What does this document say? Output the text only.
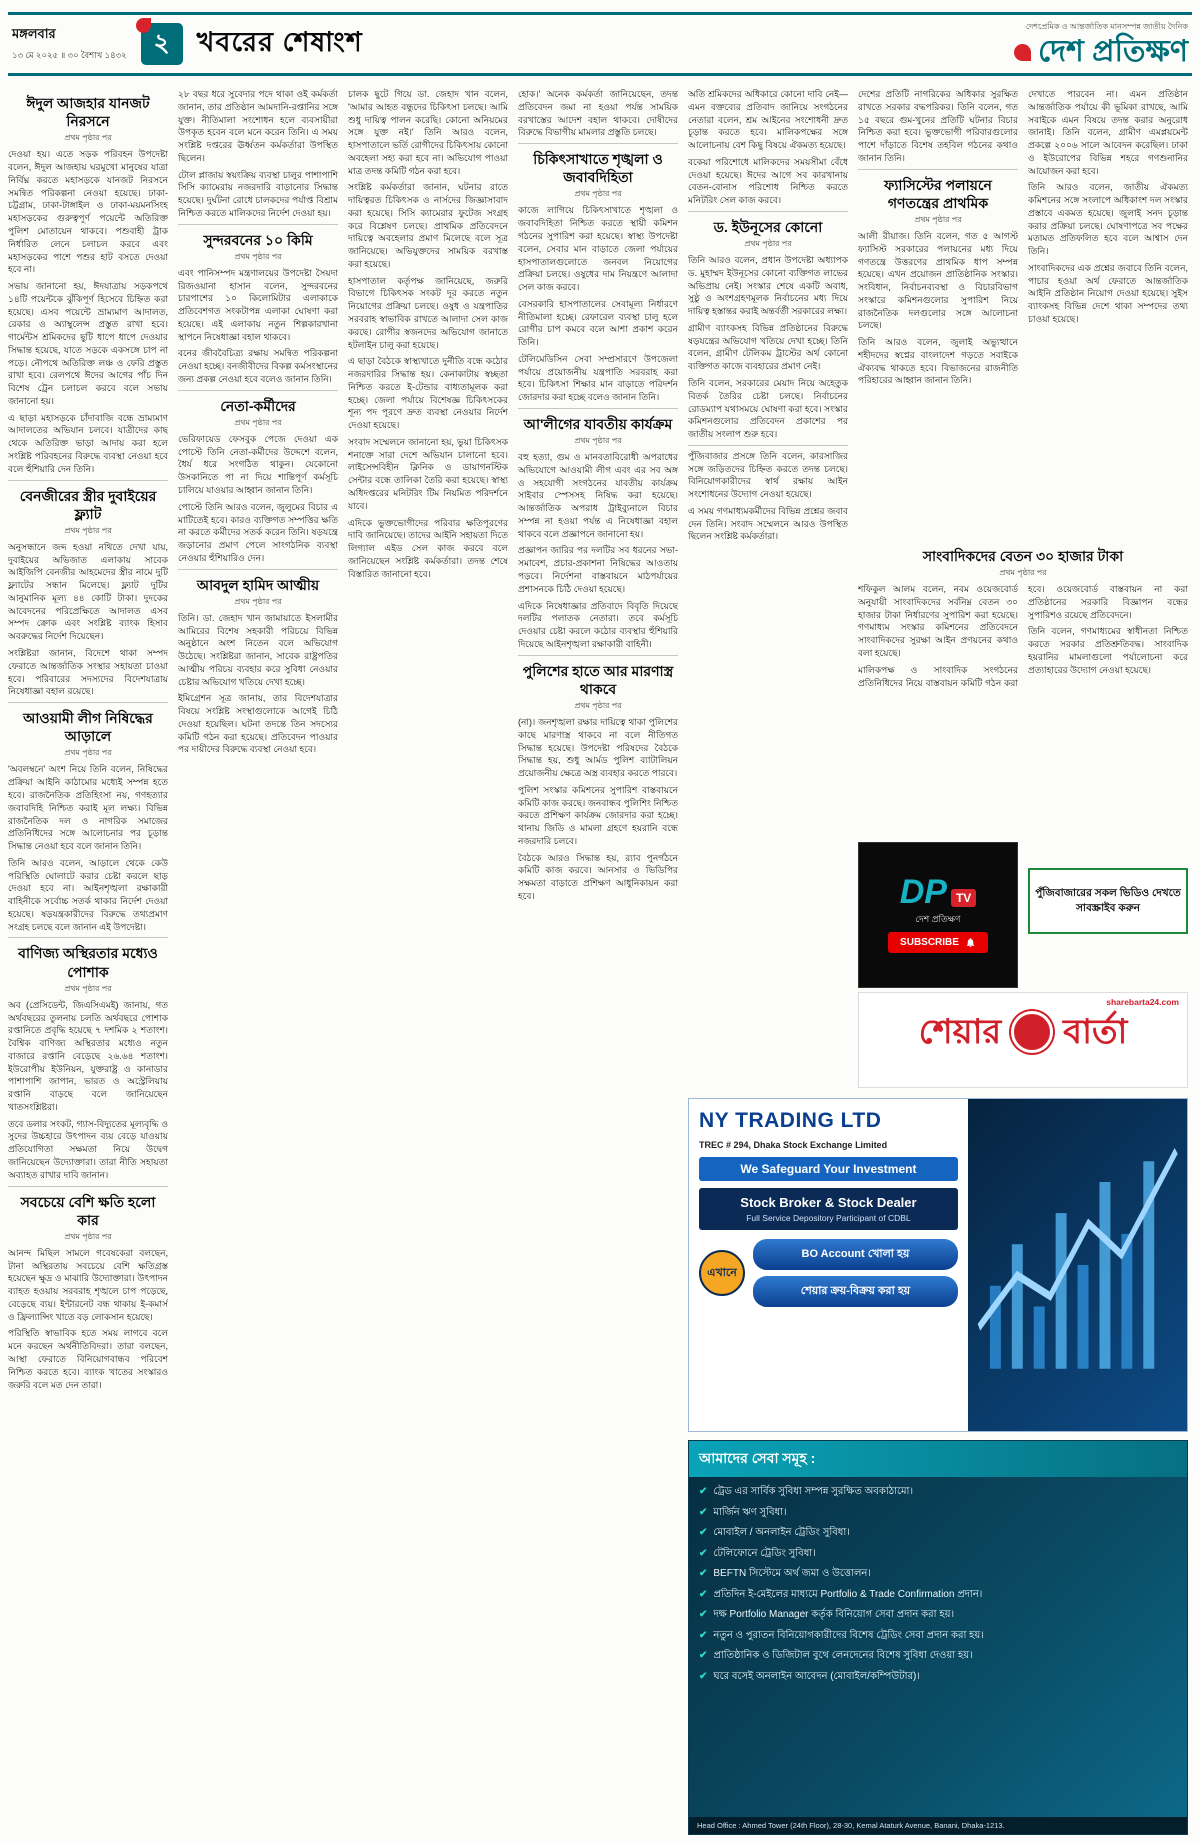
মঙ্গলবার
১৩ মে ২০২৫ ॥ ৩০ বৈশাখ ১৪৩২ ২ খবরের শেষাংশ	দেশপ্রেমিক ও আন্তর্জাতিক মানসম্পন্ন জাতীয় দৈনিক
দেশ প্রতিক্ষণ
ঈদুল আজহার যানজট নিরসনে
প্রথম পৃষ্ঠার পর

দেওয়া হয়। এতে সড়ক পরিবহন উপদেষ্টা বলেন, ঈদুল আজহায় ঘরমুখো মানুষের যাত্রা নির্বিঘ্ন করতে মহাসড়কে যানজট নিরসনে সমন্বিত পরিকল্পনা নেওয়া হয়েছে। ঢাকা-চট্টগ্রাম, ঢাকা-টাঙ্গাইল ও ঢাকা-ময়মনসিংহ মহাসড়কের গুরুত্বপূর্ণ পয়েন্টে অতিরিক্ত পুলিশ মোতায়েন থাকবে। পশুবাহী ট্রাক নির্ধারিত লেনে চলাচল করবে এবং মহাসড়কের পাশে পশুর হাট বসতে দেওয়া হবে না।

সভায় জানানো হয়, ঈদযাত্রায় সড়কপথে ১৪টি পয়েন্টকে ঝুঁকিপূর্ণ হিসেবে চিহ্নিত করা হয়েছে। এসব পয়েন্টে ভ্রাম্যমাণ আদালত, রেকার ও অ্যাম্বুলেন্স প্রস্তুত রাখা হবে। গার্মেন্টস শ্রমিকদের ছুটি ধাপে ধাপে দেওয়ার সিদ্ধান্ত হয়েছে, যাতে সড়কে একসঙ্গে চাপ না পড়ে। নৌপথে অতিরিক্ত লঞ্চ ও ফেরি প্রস্তুত রাখা হবে। রেলপথে ঈদের আগের পাঁচ দিন বিশেষ ট্রেন চলাচল করবে বলে সভায় জানানো হয়।

এ ছাড়া মহাসড়কে চাঁদাবাজি বন্ধে ভ্রাম্যমাণ আদালতের অভিযান চলবে। যাত্রীদের কাছ থেকে অতিরিক্ত ভাড়া আদায় করা হলে সংশ্লিষ্ট পরিবহনের বিরুদ্ধে ব্যবস্থা নেওয়া হবে বলে হুঁশিয়ারি দেন তিনি।

বেনজীরের স্ত্রীর দুবাইয়ের ফ্ল্যাট
প্রথম পৃষ্ঠার পর

অনুসন্ধানে জব্দ হওয়া নথিতে দেখা যায়, দুবাইয়ের অভিজাত এলাকায় সাবেক আইজিপি বেনজীর আহমেদের স্ত্রীর নামে দুটি ফ্ল্যাটের সন্ধান মিলেছে। ফ্ল্যাট দুটির আনুমানিক মূল্য ৪৪ কোটি টাকা। দুদকের আবেদনের পরিপ্রেক্ষিতে আদালত এসব সম্পদ ক্রোক এবং সংশ্লিষ্ট ব্যাংক হিসাব অবরুদ্ধের নির্দেশ দিয়েছেন।

সংশ্লিষ্টরা জানান, বিদেশে থাকা সম্পদ ফেরাতে আন্তর্জাতিক সংস্থার সহায়তা চাওয়া হবে। পরিবারের সদস্যদের বিদেশযাত্রায় নিষেধাজ্ঞা বহাল রয়েছে।

আওয়ামী লীগ নিষিদ্ধের আড়ালে
প্রথম পৃষ্ঠার পর

'অবলম্বনে' অংশ নিয়ে তিনি বলেন, নিষিদ্ধের প্রক্রিয়া আইনি কাঠামোর মধ্যেই সম্পন্ন হতে হবে। রাজনৈতিক প্রতিহিংসা নয়, গণহত্যার জবাবদিহি নিশ্চিত করাই মূল লক্ষ্য। বিভিন্ন রাজনৈতিক দল ও নাগরিক সমাজের প্রতিনিধিদের সঙ্গে আলোচনার পর চূড়ান্ত সিদ্ধান্ত নেওয়া হবে বলে জানান তিনি।

তিনি আরও বলেন, আড়ালে থেকে কেউ পরিস্থিতি ঘোলাটে করার চেষ্টা করলে ছাড় দেওয়া হবে না। আইনশৃঙ্খলা রক্ষাকারী বাহিনীকে সর্বোচ্চ সতর্ক থাকার নির্দেশ দেওয়া হয়েছে। ষড়যন্ত্রকারীদের বিরুদ্ধে তথ্যপ্রমাণ সংগ্রহ চলছে বলে জানান এই উপদেষ্টা।

বাণিজ্য অস্থিরতার মধ্যেও পোশাক
প্রথম পৃষ্ঠার পর

অব (প্রেসিডেন্ট, জিএসিএমই) জানায়, গত অর্থবছরের তুলনায় চলতি অর্থবছরে পোশাক রপ্তানিতে প্রবৃদ্ধি হয়েছে ৭ দশমিক ২ শতাংশ। বৈশ্বিক বাণিজ্য অস্থিরতার মধ্যেও নতুন বাজারে রপ্তানি বেড়েছে ২৬.৬৪ শতাংশ। ইউরোপীয় ইউনিয়ন, যুক্তরাষ্ট্র ও কানাডার পাশাপাশি জাপান, ভারত ও অস্ট্রেলিয়ায় রপ্তানি বাড়ছে বলে জানিয়েছেন খাতসংশ্লিষ্টরা।

তবে ডলার সংকট, গ্যাস-বিদ্যুতের মূল্যবৃদ্ধি ও সুদের উচ্চহারে উৎপাদন ব্যয় বেড়ে যাওয়ায় প্রতিযোগিতা সক্ষমতা নিয়ে উদ্বেগ জানিয়েছেন উদ্যোক্তারা। তারা নীতি সহায়তা অব্যাহত রাখার দাবি জানান।

সবচেয়ে বেশি ক্ষতি হলো কার
প্রথম পৃষ্ঠার পর

আনন্দ মিছিল সামলে গবেষকেরা বলছেন, টানা অস্থিরতায় সবচেয়ে বেশি ক্ষতিগ্রস্ত হয়েছেন ক্ষুদ্র ও মাঝারি উদ্যোক্তারা। উৎপাদন ব্যাহত হওয়ায় সরবরাহ শৃঙ্খলে চাপ পড়েছে, বেড়েছে ব্যয়। ইন্টারনেট বন্ধ থাকায় ই-কমার্স ও ফ্রিল্যান্সিং খাতে বড় লোকসান হয়েছে।

পরিস্থিতি স্বাভাবিক হতে সময় লাগবে বলে মনে করছেন অর্থনীতিবিদরা। তারা বলছেন, আস্থা ফেরাতে বিনিয়োগবান্ধব পরিবেশ নিশ্চিত করতে হবে। ব্যাংক খাতের সংস্কারও জরুরি বলে মত দেন তারা।

২৮ বছর ধরে সুবেদার পদে থাকা ওই কর্মকর্তা জানান, তার প্রতিষ্ঠান আমদানি-রপ্তানির সঙ্গে যুক্ত। নীতিমালা সংশোধন হলে ব্যবসায়ীরা উপকৃত হবেন বলে মনে করেন তিনি। এ সময় সংশ্লিষ্ট দপ্তরের ঊর্ধ্বতন কর্মকর্তারা উপস্থিত ছিলেন।

টোল প্লাজায় স্বয়ংক্রিয় ব্যবস্থা চালুর পাশাপাশি সিসি ক্যামেরায় নজরদারি বাড়ানোর সিদ্ধান্ত হয়েছে। দুর্ঘটনা রোধে চালকদের পর্যাপ্ত বিশ্রাম নিশ্চিত করতে মালিকদের নির্দেশ দেওয়া হয়।

সুন্দরবনের ১০ কিমি
প্রথম পৃষ্ঠার পর

এবং পানিসম্পদ মন্ত্রণালয়ের উপদেষ্টা সৈয়দা রিজওয়ানা হাসান বলেন, সুন্দরবনের চারপাশের ১০ কিলোমিটার এলাকাকে প্রতিবেশগত সংকটাপন্ন এলাকা ঘোষণা করা হয়েছে। এই এলাকায় নতুন শিল্পকারখানা স্থাপনে নিষেধাজ্ঞা বহাল থাকবে।

বনের জীববৈচিত্র্য রক্ষায় সমন্বিত পরিকল্পনা নেওয়া হচ্ছে। বনজীবীদের বিকল্প কর্মসংস্থানের জন্য প্রকল্প নেওয়া হবে বলেও জানান তিনি।

নেতা-কর্মীদের
প্রথম পৃষ্ঠার পর

ভেরিফায়েড ফেসবুক পেজে দেওয়া এক পোস্টে তিনি নেতা-কর্মীদের উদ্দেশে বলেন, ধৈর্য ধরে সংগঠিত থাকুন। যেকোনো উসকানিতে পা না দিয়ে শান্তিপূর্ণ কর্মসূচি চালিয়ে যাওয়ার আহ্বান জানান তিনি।

পোস্টে তিনি আরও বলেন, জুলুমের বিচার এ মাটিতেই হবে। কারও ব্যক্তিগত সম্পত্তির ক্ষতি না করতে কর্মীদের সতর্ক করেন তিনি। ষড়যন্ত্রে জড়ানোর প্রমাণ পেলে সাংগঠনিক ব্যবস্থা নেওয়ার হুঁশিয়ারিও দেন।

আবদুল হামিদ আত্মীয়
প্রথম পৃষ্ঠার পর

তিনি। ডা. জেহাদ খান জামায়াতে ইসলামীর আমিরের বিশেষ সহকারী পরিচয়ে বিভিন্ন অনুষ্ঠানে অংশ নিতেন বলে অভিযোগ উঠেছে। সংশ্লিষ্টরা জানান, সাবেক রাষ্ট্রপতির আত্মীয় পরিচয় ব্যবহার করে সুবিধা নেওয়ার চেষ্টার অভিযোগ খতিয়ে দেখা হচ্ছে।

ইমিগ্রেশন সূত্র জানায়, তার বিদেশযাত্রার বিষয়ে সংশ্লিষ্ট সংস্থাগুলোকে আগেই চিঠি দেওয়া হয়েছিল। ঘটনা তদন্তে তিন সদস্যের কমিটি গঠন করা হয়েছে। প্রতিবেদন পাওয়ার পর দায়ীদের বিরুদ্ধে ব্যবস্থা নেওয়া হবে।

চালক ছুটে গিয়ে ডা. জেহাদ খান বলেন, 'আমার আহত বন্ধুদের চিকিৎসা চলছে। আমি শুধু দায়িত্ব পালন করেছি। কোনো অনিয়মের সঙ্গে যুক্ত নই।' তিনি আরও বলেন, হাসপাতালে ভর্তি রোগীদের চিকিৎসায় কোনো অবহেলা সহ্য করা হবে না। অভিযোগ পাওয়া মাত্র তদন্ত কমিটি গঠন করা হবে।

সংশ্লিষ্ট কর্মকর্তারা জানান, ঘটনার রাতে দায়িত্বরত চিকিৎসক ও নার্সদের জিজ্ঞাসাবাদ করা হয়েছে। সিসি ক্যামেরার ফুটেজ সংগ্রহ করে বিশ্লেষণ চলছে। প্রাথমিক প্রতিবেদনে দায়িত্বে অবহেলার প্রমাণ মিলেছে বলে সূত্র জানিয়েছে। অভিযুক্তদের সাময়িক বরখাস্ত করা হয়েছে।

হাসপাতাল কর্তৃপক্ষ জানিয়েছে, জরুরি বিভাগে চিকিৎসক সংকট দূর করতে নতুন নিয়োগের প্রক্রিয়া চলছে। ওষুধ ও যন্ত্রপাতির সরবরাহ স্বাভাবিক রাখতে আলাদা সেল কাজ করছে। রোগীর স্বজনদের অভিযোগ জানাতে হটলাইন চালু করা হয়েছে।

এ ছাড়া বৈঠকে স্বাস্থ্যখাতে দুর্নীতি বন্ধে কঠোর নজরদারির সিদ্ধান্ত হয়। কেনাকাটায় স্বচ্ছতা নিশ্চিত করতে ই-টেন্ডার বাধ্যতামূলক করা হচ্ছে। জেলা পর্যায়ে বিশেষজ্ঞ চিকিৎসকের শূন্য পদ পূরণে দ্রুত ব্যবস্থা নেওয়ার নির্দেশ দেওয়া হয়েছে।

সংবাদ সম্মেলনে জানানো হয়, ভুয়া চিকিৎসক শনাক্তে সারা দেশে অভিযান চালানো হবে। লাইসেন্সবিহীন ক্লিনিক ও ডায়াগনস্টিক সেন্টার বন্ধে তালিকা তৈরি করা হয়েছে। স্বাস্থ্য অধিদপ্তরের মনিটরিং টিম নিয়মিত পরিদর্শনে যাবে।

এদিকে ভুক্তভোগীদের পরিবার ক্ষতিপূরণের দাবি জানিয়েছে। তাদের আইনি সহায়তা দিতে লিগ্যাল এইড সেল কাজ করবে বলে জানিয়েছেন সংশ্লিষ্ট কর্মকর্তারা। তদন্ত শেষে বিস্তারিত জানানো হবে।

হোক।' অনেক কর্মকর্তা জানিয়েছেন, তদন্ত প্রতিবেদন জমা না হওয়া পর্যন্ত সাময়িক বরখাস্তের আদেশ বহাল থাকবে। দোষীদের বিরুদ্ধে বিভাগীয় মামলার প্রস্তুতি চলছে।

চিকিৎসাখাতে শৃঙ্খলা ও জবাবদিহিতা
প্রথম পৃষ্ঠার পর

কাজে লাগিয়ে চিকিৎসাখাতে শৃঙ্খলা ও জবাবদিহিতা নিশ্চিত করতে স্থায়ী কমিশন গঠনের সুপারিশ করা হয়েছে। স্বাস্থ্য উপদেষ্টা বলেন, সেবার মান বাড়াতে জেলা পর্যায়ের হাসপাতালগুলোতে জনবল নিয়োগের প্রক্রিয়া চলছে। ওষুধের দাম নিয়ন্ত্রণে আলাদা সেল কাজ করবে।

বেসরকারি হাসপাতালের সেবামূল্য নির্ধারণে নীতিমালা হচ্ছে। রেফারেল ব্যবস্থা চালু হলে রোগীর চাপ কমবে বলে আশা প্রকাশ করেন তিনি।

টেলিমেডিসিন সেবা সম্প্রসারণে উপজেলা পর্যায়ে প্রয়োজনীয় যন্ত্রপাতি সরবরাহ করা হবে। চিকিৎসা শিক্ষার মান বাড়াতে পরিদর্শন জোরদার করা হচ্ছে বলেও জানান তিনি।

আ'লীগের যাবতীয় কার্যক্রম
প্রথম পৃষ্ঠার পর

বহু হত্যা, গুম ও মানবতাবিরোধী অপরাধের অভিযোগে আওয়ামী লীগ এবং এর সব অঙ্গ ও সহযোগী সংগঠনের যাবতীয় কার্যক্রম সাইবার স্পেসসহ নিষিদ্ধ করা হয়েছে। আন্তর্জাতিক অপরাধ ট্রাইব্যুনালে বিচার সম্পন্ন না হওয়া পর্যন্ত এ নিষেধাজ্ঞা বহাল থাকবে বলে প্রজ্ঞাপনে জানানো হয়।

প্রজ্ঞাপন জারির পর দলটির সব ধরনের সভা-সমাবেশ, প্রচার-প্রকাশনা নিষিদ্ধের আওতায় পড়বে। নির্দেশনা বাস্তবায়নে মাঠপর্যায়ের প্রশাসনকে চিঠি দেওয়া হয়েছে।

এদিকে নিষেধাজ্ঞার প্রতিবাদে বিবৃতি দিয়েছে দলটির পলাতক নেতারা। তবে কর্মসূচি দেওয়ার চেষ্টা করলে কঠোর ব্যবস্থার হুঁশিয়ারি দিয়েছে আইনশৃঙ্খলা রক্ষাকারী বাহিনী।

পুলিশের হাতে আর মারণাস্ত্র থাকবে
প্রথম পৃষ্ঠার পর

(না)। জনশৃঙ্খলা রক্ষার দায়িত্বে থাকা পুলিশের কাছে মারণাস্ত্র থাকবে না বলে নীতিগত সিদ্ধান্ত হয়েছে। উপদেষ্টা পরিষদের বৈঠকে সিদ্ধান্ত হয়, শুধু আর্মড পুলিশ ব্যাটালিয়ন প্রয়োজনীয় ক্ষেত্রে অস্ত্র ব্যবহার করতে পারবে।

পুলিশ সংস্কার কমিশনের সুপারিশ বাস্তবায়নে কমিটি কাজ করছে। জনবান্ধব পুলিশিং নিশ্চিত করতে প্রশিক্ষণ কার্যক্রম জোরদার করা হচ্ছে। থানায় জিডি ও মামলা গ্রহণে হয়রানি বন্ধে নজরদারি চলবে।

বৈঠকে আরও সিদ্ধান্ত হয়, র‍্যাব পুনর্গঠনে কমিটি কাজ করবে। আনসার ও ভিডিপির সক্ষমতা বাড়াতে প্রশিক্ষণ আধুনিকায়ন করা হবে।

অতি শ্রমিকদের অধিকারে কোনো দাবি নেই— এমন বক্তব্যের প্রতিবাদ জানিয়ে সংগঠনের নেতারা বলেন, শ্রম আইনের সংশোধনী দ্রুত চূড়ান্ত করতে হবে। মালিকপক্ষের সঙ্গে আলোচনায় বেশ কিছু বিষয়ে ঐকমত্য হয়েছে।

বকেয়া পরিশোধে মালিকদের সময়সীমা বেঁধে দেওয়া হয়েছে। ঈদের আগে সব কারখানায় বেতন-বোনাস পরিশোধ নিশ্চিত করতে মনিটরিং সেল কাজ করবে।

ড. ইউনূসের কোনো
প্রথম পৃষ্ঠার পর

তিনি আরও বলেন, প্রধান উপদেষ্টা অধ্যাপক ড. মুহাম্মদ ইউনূসের কোনো ব্যক্তিগত লাভের অভিপ্রায় নেই। সংস্কার শেষে একটি অবাধ, সুষ্ঠু ও অংশগ্রহণমূলক নির্বাচনের মধ্য দিয়ে দায়িত্ব হস্তান্তর করাই অন্তর্বর্তী সরকারের লক্ষ্য।

গ্রামীণ ব্যাংকসহ বিভিন্ন প্রতিষ্ঠানের বিরুদ্ধে ষড়যন্ত্রের অভিযোগ খতিয়ে দেখা হচ্ছে। তিনি বলেন, গ্রামীণ টেলিকম ট্রাস্টের অর্থ কোনো ব্যক্তিগত কাজে ব্যবহারের প্রমাণ নেই।

তিনি বলেন, সরকারের মেয়াদ নিয়ে অহেতুক বিতর্ক তৈরির চেষ্টা চলছে। নির্বাচনের রোডম্যাপ যথাসময়ে ঘোষণা করা হবে। সংস্কার কমিশনগুলোর প্রতিবেদন প্রকাশের পর জাতীয় সংলাপ শুরু হবে।

পুঁজিবাজার প্রসঙ্গে তিনি বলেন, কারসাজির সঙ্গে জড়িতদের চিহ্নিত করতে তদন্ত চলছে। বিনিয়োগকারীদের স্বার্থ রক্ষায় আইন সংশোধনের উদ্যোগ নেওয়া হয়েছে।

এ সময় গণমাধ্যমকর্মীদের বিভিন্ন প্রশ্নের জবাব দেন তিনি। সংবাদ সম্মেলনে আরও উপস্থিত ছিলেন সংশ্লিষ্ট কর্মকর্তারা।

দেশের প্রতিটি নাগরিকের অধিকার সুরক্ষিত রাখতে সরকার বদ্ধপরিকর। তিনি বলেন, গত ১৫ বছরে গুম-খুনের প্রতিটি ঘটনার বিচার নিশ্চিত করা হবে। ভুক্তভোগী পরিবারগুলোর পাশে দাঁড়াতে বিশেষ তহবিল গঠনের কথাও জানান তিনি।

ফ্যাসিস্টের পলায়নে গণতন্ত্রের প্রাথমিক
প্রথম পৃষ্ঠার পর

আলী রীয়াজ। তিনি বলেন, গত ৫ আগস্ট ফ্যাসিস্ট সরকারের পলায়নের মধ্য দিয়ে গণতন্ত্রে উত্তরণের প্রাথমিক ধাপ সম্পন্ন হয়েছে। এখন প্রয়োজন প্রাতিষ্ঠানিক সংস্কার। সংবিধান, নির্বাচনব্যবস্থা ও বিচারবিভাগ সংস্কারে কমিশনগুলোর সুপারিশ নিয়ে রাজনৈতিক দলগুলোর সঙ্গে আলোচনা চলছে।

তিনি আরও বলেন, জুলাই অভ্যুত্থানে শহীদদের স্বপ্নের বাংলাদেশ গড়তে সবাইকে ঐক্যবদ্ধ থাকতে হবে। বিভাজনের রাজনীতি পরিহারের আহ্বান জানান তিনি।

দেখাতে পারবেন না। এমন প্রতিষ্ঠান আন্তর্জাতিক পর্যায়ে কী ভূমিকা রাখছে, আমি সবাইকে এমন বিষয়ে তদন্ত করার অনুরোধ জানাই। তিনি বলেন, গ্রামীণ এমপ্লয়মেন্ট প্রকল্পে ২০০৬ সালে আবেদন করেছিল। ঢাকা ও ইউরোপের বিভিন্ন শহরে গণশুনানির আয়োজন করা হবে।

তিনি আরও বলেন, জাতীয় ঐকমত্য কমিশনের সঙ্গে সংলাপে অধিকাংশ দল সংস্কার প্রস্তাবে একমত হয়েছে। জুলাই সনদ চূড়ান্ত করার প্রক্রিয়া চলছে। ঘোষণাপত্রে সব পক্ষের মতামত প্রতিফলিত হবে বলে আশ্বাস দেন তিনি।

সাংবাদিকদের এক প্রশ্নের জবাবে তিনি বলেন, পাচার হওয়া অর্থ ফেরাতে আন্তর্জাতিক আইনি প্রতিষ্ঠান নিয়োগ দেওয়া হয়েছে। সুইস ব্যাংকসহ বিভিন্ন দেশে থাকা সম্পদের তথ্য চাওয়া হয়েছে।

সাংবাদিকদের বেতন ৩০ হাজার টাকা
প্রথম পৃষ্ঠার পর

শফিকুল আলম বলেন, নবম ওয়েজবোর্ড অনুযায়ী সাংবাদিকদের সর্বনিম্ন বেতন ৩০ হাজার টাকা নির্ধারণের সুপারিশ করা হয়েছে। গণমাধ্যম সংস্কার কমিশনের প্রতিবেদনে সাংবাদিকদের সুরক্ষা আইন প্রণয়নের কথাও বলা হয়েছে।

মালিকপক্ষ ও সাংবাদিক সংগঠনের প্রতিনিধিদের নিয়ে বাস্তবায়ন কমিটি গঠন করা হবে। ওয়েজবোর্ড বাস্তবায়ন না করা প্রতিষ্ঠানের সরকারি বিজ্ঞাপন বন্ধের সুপারিশও রয়েছে প্রতিবেদনে।

তিনি বলেন, গণমাধ্যমের স্বাধীনতা নিশ্চিত করতে সরকার প্রতিশ্রুতিবদ্ধ। সাংবাদিক হয়রানির মামলাগুলো পর্যালোচনা করে প্রত্যাহারের উদ্যোগ নেওয়া হয়েছে।

DP TV
দেশ প্রতিক্ষণ
SUBSCRIBE
পুঁজিবাজারের সকল ভিডিও দেখতে সাবস্ক্রাইব করুন
sharebarta24.com
শেয়ার বার্তা
NY TRADING LTD
TREC # 294, Dhaka Stock Exchange Limited
We Safeguard Your Investment
Stock Broker & Stock Dealer
Full Service Depository Participant of CDBL
এখানে
BO Account খোলা হয়
শেয়ার ক্রয়-বিক্রয় করা হয়
আমাদের সেবা সমূহ :
✔ ট্রেড এর সার্বিক সুবিধা সম্পন্ন সুরক্ষিত অবকাঠামো।
✔ মার্জিন ঋণ সুবিধা।
✔ মোবাইল / অনলাইন ট্রেডিং সুবিধা।
✔ টেলিফোনে ট্রেডিং সুবিধা।
✔ BEFTN সিস্টেমে অর্থ জমা ও উত্তোলন।
✔ প্রতিদিন ই-মেইলের মাধ্যমে Portfolio & Trade Confirmation প্রদান।
✔ দক্ষ Portfolio Manager কর্তৃক বিনিয়োগ সেবা প্রদান করা হয়।
✔ নতুন ও পুরাতন বিনিয়োগকারীদের বিশেষ ট্রেডিং সেবা প্রদান করা হয়।
✔ প্রাতিষ্ঠানিক ও ডিজিটাল বুথে লেনদেনের বিশেষ সুবিধা দেওয়া হয়।
✔ ঘরে বসেই অনলাইন আবেদন (মোবাইল/কম্পিউটার)।
Head Office : Ahmed Tower (24th Floor), 28-30, Kemal Ataturk Avenue, Banani, Dhaka-1213.
